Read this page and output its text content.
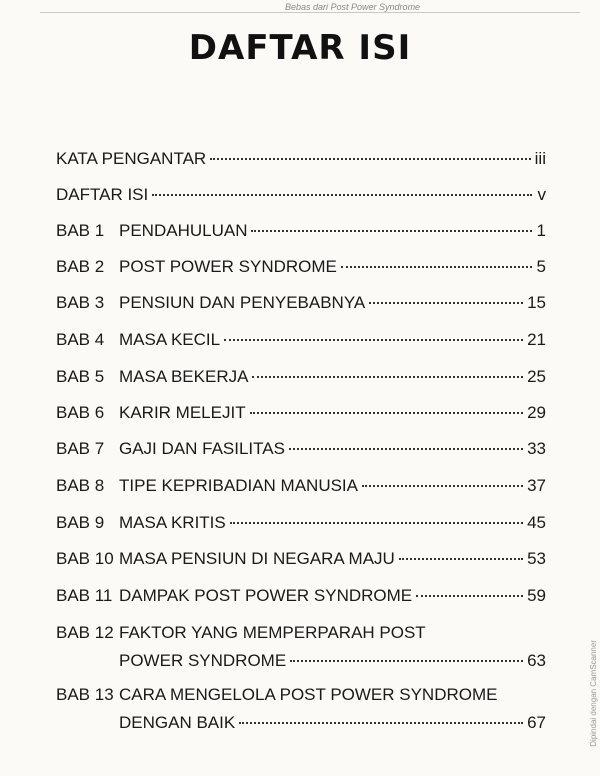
Bebas dari Post Power Syndrome
DAFTAR ISI
KATA PENGANTAR	iii
DAFTAR ISI	v
BAB 1 PENDAHULUAN	1
BAB 2 POST POWER SYNDROME	5
BAB 3 PENSIUN DAN PENYEBABNYA	15
BAB 4 MASA KECIL	21
BAB 5 MASA BEKERJA	25
BAB 6 KARIR MELEJIT	29
BAB 7 GAJI DAN FASILITAS	33
BAB 8 TIPE KEPRIBADIAN MANUSIA	37
BAB 9 MASA KRITIS	45
BAB 10 MASA PENSIUN DI NEGARA MAJU	53
BAB 11 DAMPAK POST POWER SYNDROME	59
BAB 12 FAKTOR YANG MEMPERPARAH POST
POWER SYNDROME	63
BAB 13 CARA MENGELOLA POST POWER SYNDROME
DENGAN BAIK	67	Dipindai dengan CamScanner
